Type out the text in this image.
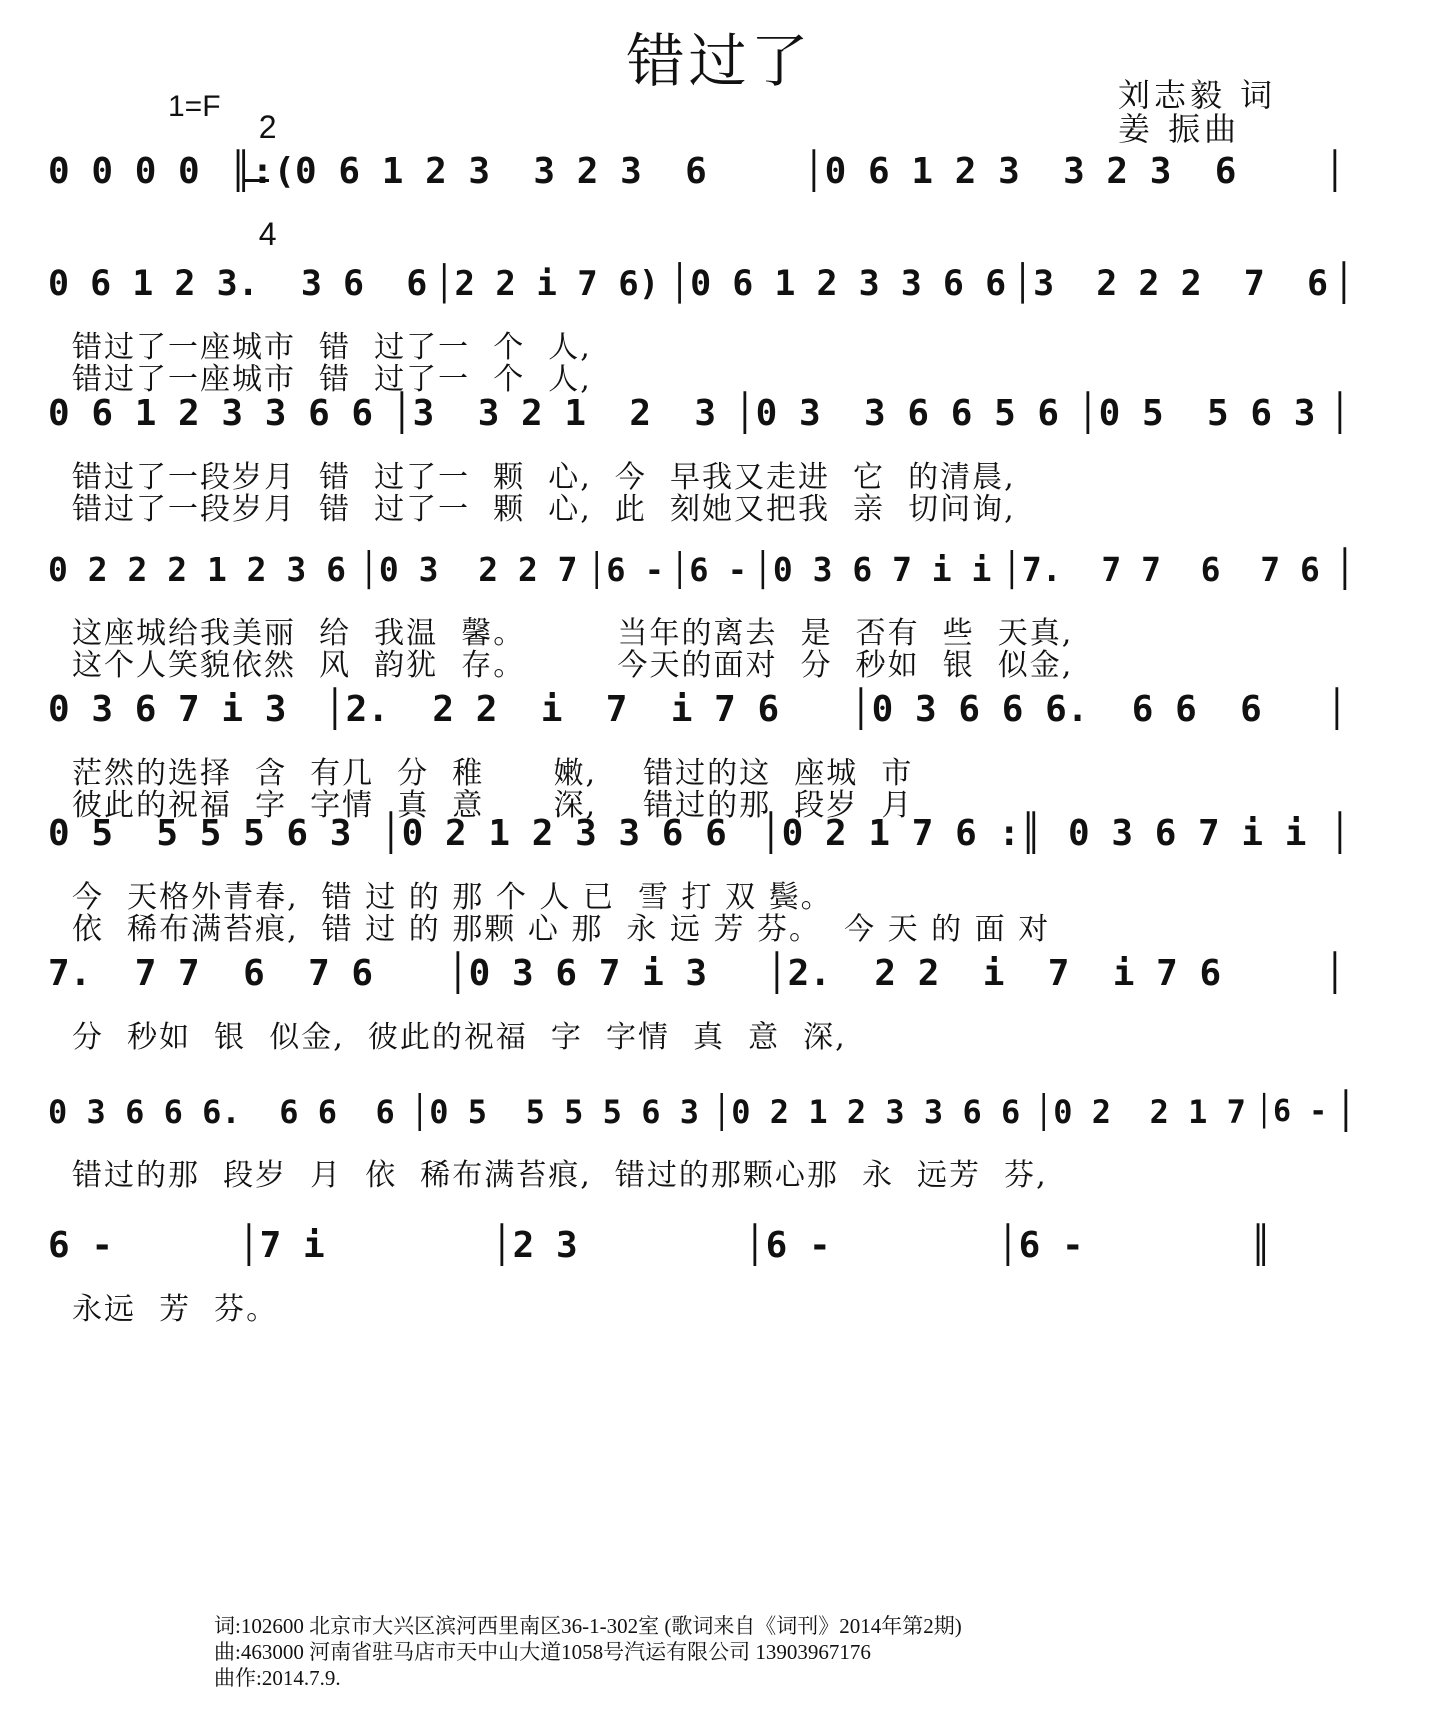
错过了
1=F

2

4

刘志毅 词
姜 振曲
0 0 0 0 ║:(0 6 1 2 3  3 2 3  6	│0 6 1 2 3  3 2 3  6	│
0 6 1 2 3.  3 6  6 │2 2 i 7 6) │0 6 1 2 3 3 6 6 │3  2 2 2  7  6 │
错过了一座城市  错  过了一  个  人,
错过了一座城市  错  过了一  个  人,
0 6 1 2 3 3 6 6 │3  3 2 1  2  3 │0 3  3 6 6 5 6 │0 5  5 6 3 │
错过了一段岁月  错  过了一  颗  心,  今  早我又走进  它  的清晨,
错过了一段岁月  错  过了一  颗  心,  此  刻她又把我  亲  切问询,
0 2 2 2 1 2 3 6 │0 3  2 2 7 │6 - │6 - │0 3 6 7 i i │7.  7 7  6  7 6 │
这座城给我美丽  给  我温  馨。        当年的离去  是  否有  些  天真,
这个人笑貌依然  风  韵犹  存。        今天的面对  分  秒如  银  似金,
0 3 6 7 i 3	│2.  2 2  i  7  i 7 6	│0 3 6 6 6.  6 6  6	│
茫然的选择  含  有几  分  稚      嫩,    错过的这  座城  市
彼此的祝福  字  字情  真  意      深,    错过的那  段岁  月
0 5  5 5 5 6 3 │0 2 1 2 3 3 6 6 │0 2 1 7 6 :║ 0 3 6 7 i i │
今  天格外青春,  错 过 的 那 个 人 已  雪 打 双 鬓。
依  稀布满苔痕,  错 过 的 那颗 心 那  永 远 芳 芬。  今 天 的 面 对
7.  7 7  6  7 6	│0 3 6 7 i 3	│2.  2 2  i  7  i 7 6	│
分  秒如  银  似金,  彼此的祝福  字  字情  真  意  深,
0 3 6 6 6.  6 6  6 │0 5  5 5 5 6 3 │0 2 1 2 3 3 6 6 │0 2  2 1 7 │6 - │
错过的那  段岁  月  依  稀布满苔痕,  错过的那颗心那  永  远芳  芬,
6 -	│7 i	│2 3	│6 -	│6 -	║
永远  芳  芬。
词:102600 北京市大兴区滨河西里南区36-1-302室 (歌词来自《词刊》2014年第2期)
曲:463000 河南省驻马店市天中山大道1058号汽运有限公司 13903967176
曲作:2014.7.9.
